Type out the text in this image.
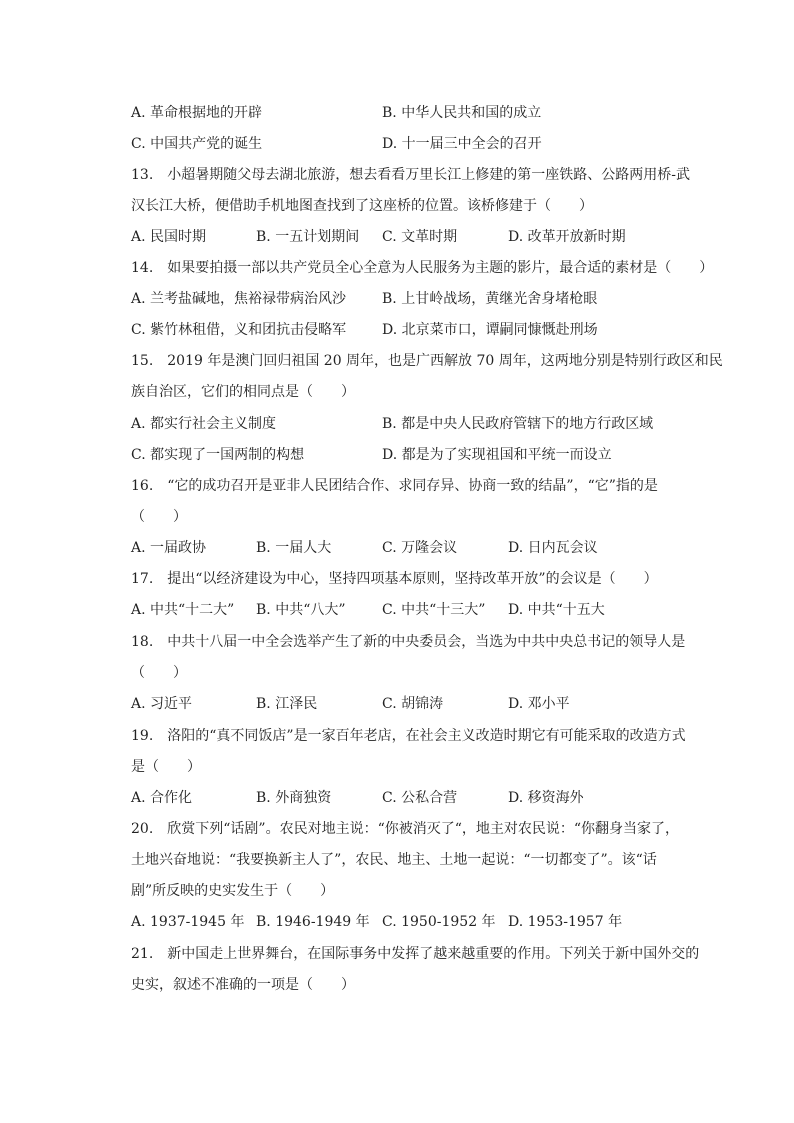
A. 革命根据地的开辟	B. 中华人民共和国的成立
C. 中国共产党的诞生	D. 十一届三中全会的召开
13.　小超暑期随父母去湖北旅游，想去看看万里长江上修建的第一座铁路、公路两用桥-武
汉长江大桥，便借助手机地图查找到了这座桥的位置。该桥修建于（　　）
A. 民国时期	B. 一五计划期间 C. 文革时期	D. 改革开放新时期
14.　如果要拍摄一部以共产党员全心全意为人民服务为主题的影片，最合适的素材是（　　）
A. 兰考盐碱地，焦裕禄带病治风沙	B. 上甘岭战场，黄继光舍身堵枪眼
C. 紫竹林租借，义和团抗击侵略军	D. 北京菜市口，谭嗣同慷慨赴刑场
15.　2019 年是澳门回归祖国 20 周年，也是广西解放 70 周年，这两地分别是特别行政区和民
族自治区，它们的相同点是（　　）
A. 都实行社会主义制度	B. 都是中央人民政府管辖下的地方行政区域
C. 都实现了一国两制的构想	D. 都是为了实现祖国和平统一而设立
16.　“它的成功召开是亚非人民团结合作、求同存异、协商一致的结晶”，“它”指的是
（　　）
A. 一届政协	B. 一届人大	C. 万隆会议	D. 日内瓦会议
17.　提出“以经济建设为中心，坚持四项基本原则，坚持改革开放”的会议是（　　）
A. 中共“十二大” B. 中共“八大”	C. 中共“十三大” D. 中共“十五大
18.　中共十八届一中全会选举产生了新的中央委员会，当选为中共中央总书记的领导人是
（　　）
A. 习近平	B. 江泽民	C. 胡锦涛	D. 邓小平
19.　洛阳的“真不同饭店”是一家百年老店，在社会主义改造时期它有可能采取的改造方式
是（　　）
A. 合作化	B. 外商独资	C. 公私合营	D. 移资海外
20.　欣赏下列“话剧”。农民对地主说：“你被消灭了“，地主对农民说：“你翻身当家了，
土地兴奋地说：“我要换新主人了”，农民、地主、土地一起说：“一切都变了”。该“话
剧”所反映的史实发生于（　　）
A. 1937-1945 年 B. 1946-1949 年 C. 1950-1952 年 D. 1953-1957 年
21.　新中国走上世界舞台，在国际事务中发挥了越来越重要的作用。下列关于新中国外交的
史实，叙述不准确的一项是（　　）
